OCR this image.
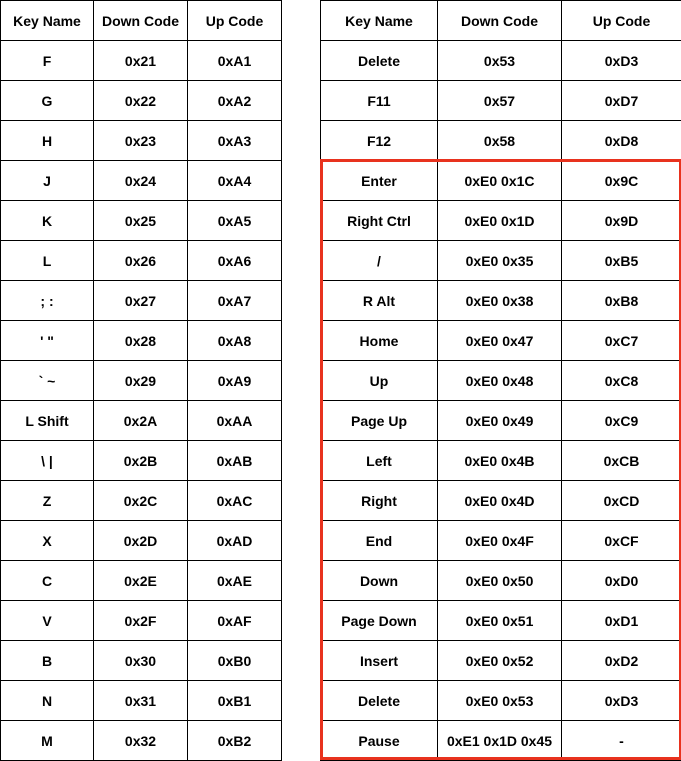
Key Name	Down Code	Up Code
F	0x21	0xA1
G	0x22	0xA2
H	0x23	0xA3
J	0x24	0xA4
K	0x25	0xA5
L	0x26	0xA6
; :	0x27	0xA7
' "	0x28	0xA8
` ~	0x29	0xA9
L Shift	0x2A	0xAA
\ |	0x2B	0xAB
Z	0x2C	0xAC
X	0x2D	0xAD
C	0x2E	0xAE
V	0x2F	0xAF
B	0x30	0xB0
N	0x31	0xB1
M	0x32	0xB2
Key Name	Down Code	Up Code
Delete	0x53	0xD3
F11	0x57	0xD7
F12	0x58	0xD8
Enter	0xE0 0x1C	0x9C
Right Ctrl	0xE0 0x1D	0x9D
/	0xE0 0x35	0xB5
R Alt	0xE0 0x38	0xB8
Home	0xE0 0x47	0xC7
Up	0xE0 0x48	0xC8
Page Up	0xE0 0x49	0xC9
Left	0xE0 0x4B	0xCB
Right	0xE0 0x4D	0xCD
End	0xE0 0x4F	0xCF
Down	0xE0 0x50	0xD0
Page Down	0xE0 0x51	0xD1
Insert	0xE0 0x52	0xD2
Delete	0xE0 0x53	0xD3
Pause	0xE1 0x1D 0x45	-
